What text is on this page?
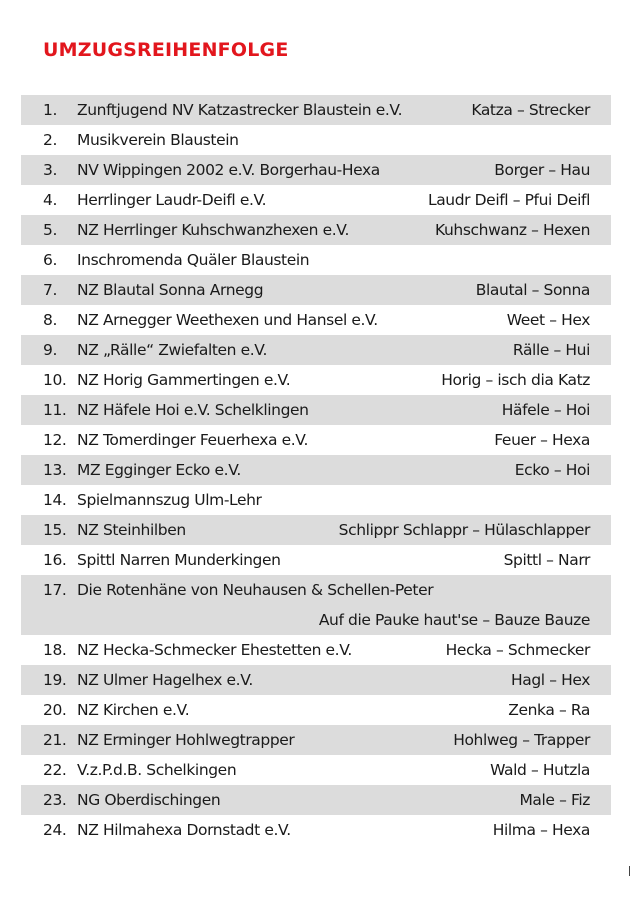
UMZUGSREIHENFOLGE
1. Zunftjugend NV Katzastrecker Blaustein e.V.	Katza – Strecker
2. Musikverein Blaustein
3. NV Wippingen 2002 e.V. Borgerhau-Hexa	Borger – Hau
4. Herrlinger Laudr-Deifl e.V.	Laudr Deifl – Pfui Deifl
5. NZ Herrlinger Kuhschwanzhexen e.V.	Kuhschwanz – Hexen
6. Inschromenda Quäler Blaustein
7. NZ Blautal Sonna Arnegg	Blautal – Sonna
8. NZ Arnegger Weethexen und Hansel e.V.	Weet – Hex
9. NZ „Rälle“ Zwiefalten e.V.	Rälle – Hui
10. NZ Horig Gammertingen e.V.	Horig – isch dia Katz
11. NZ Häfele Hoi e.V. Schelklingen	Häfele – Hoi
12. NZ Tomerdinger Feuerhexa e.V.	Feuer – Hexa
13. MZ Egginger Ecko e.V.	Ecko – Hoi
14. Spielmannszug Ulm-Lehr
15. NZ Steinhilben	Schlippr Schlappr – Hülaschlapper
16. Spittl Narren Munderkingen	Spittl – Narr
17. Die Rotenhäne von Neuhausen & Schellen-Peter
Auf die Pauke haut'se – Bauze Bauze
18. NZ Hecka-Schmecker Ehestetten e.V.	Hecka – Schmecker
19. NZ Ulmer Hagelhex e.V.	Hagl – Hex
20. NZ Kirchen e.V.	Zenka – Ra
21. NZ Erminger Hohlwegtrapper	Hohlweg – Trapper
22. V.z.P.d.B. Schelkingen	Wald – Hutzla
23. NG Oberdischingen	Male – Fiz
24. NZ Hilmahexa Dornstadt e.V.	Hilma – Hexa
